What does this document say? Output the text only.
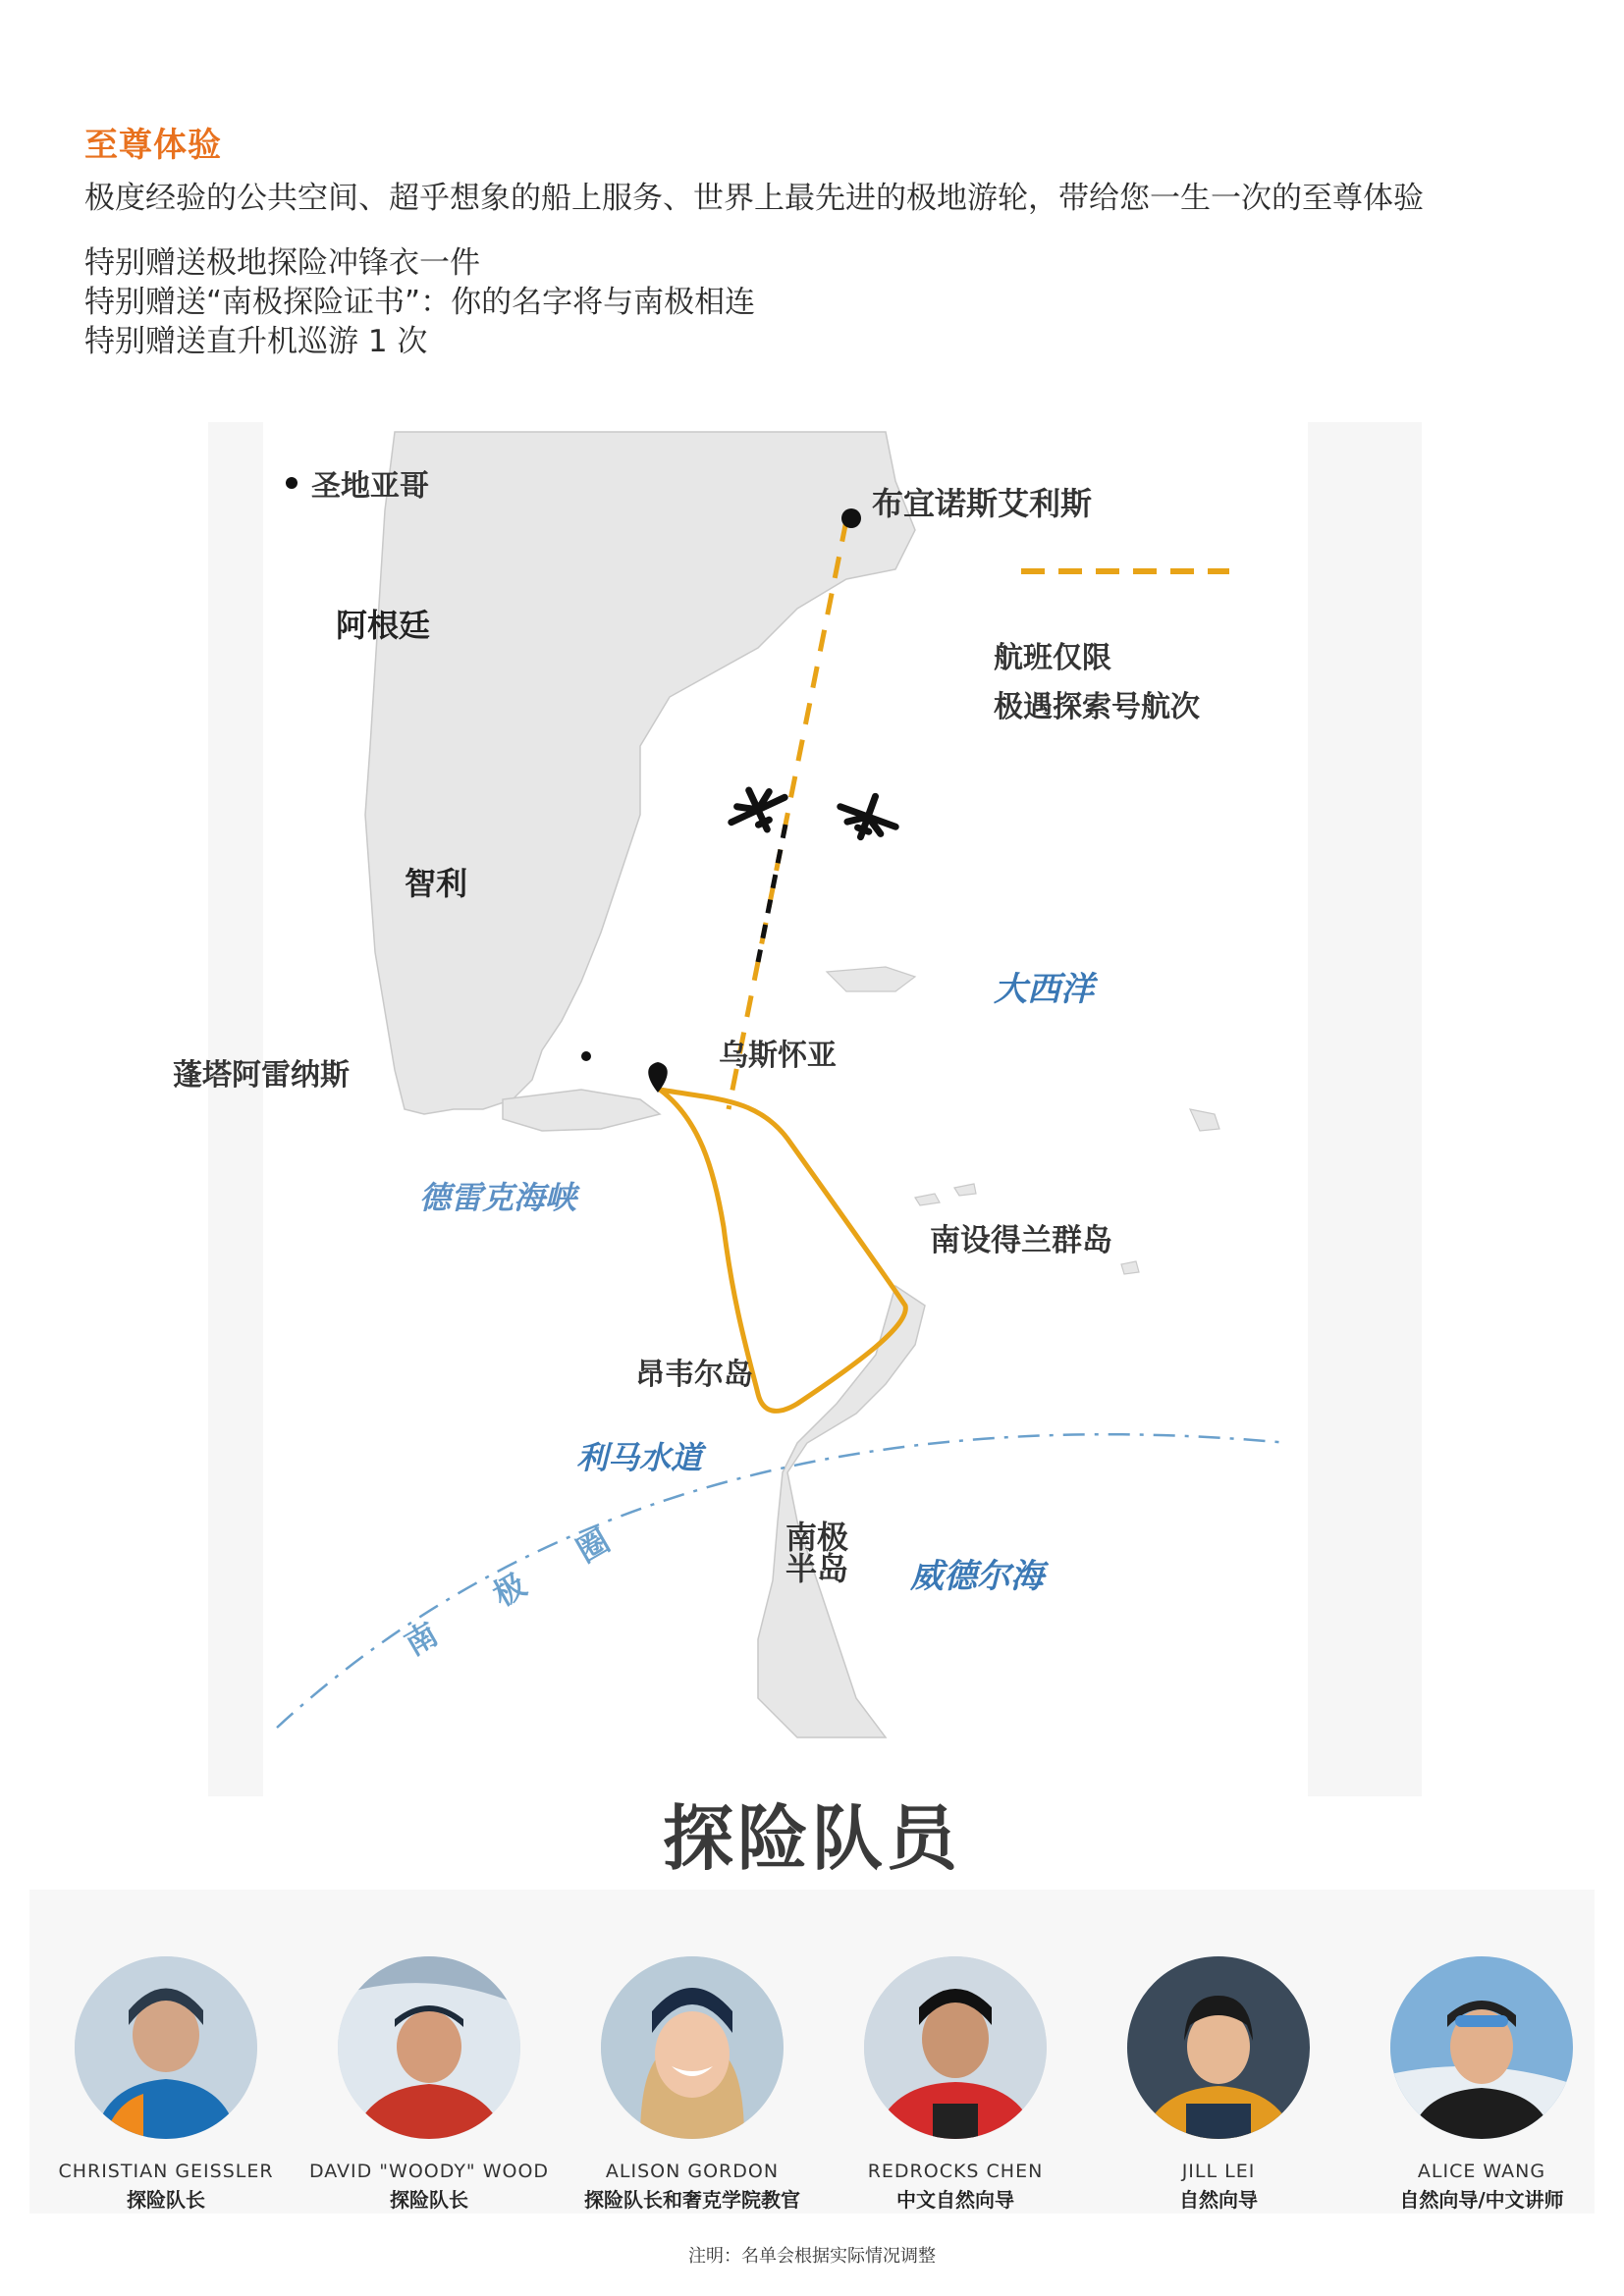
至尊体验
极度经验的公共空间、超乎想象的船上服务、世界上最先进的极地游轮，带给您一生一次的至尊体验
特别赠送极地探险冲锋衣一件
特别赠送“南极探险证书”：你的名字将与南极相连
特别赠送直升机巡游 1 次
圣地亚哥	布宜诺斯艾利斯
阿根廷
航班仅限
极遇探索号航次
智利
大西洋
蓬塔阿雷纳斯
乌斯怀亚
德雷克海峡
南设得兰群岛
昂韦尔岛
利马水道
南极
半岛 威德尔海
南
极
圈
探险队员
CHRISTIAN GEISSLER
探险队长
DAVID "WOODY" WOOD
探险队长
ALISON GORDON
探险队长和奢克学院教官
REDROCKS CHEN
中文自然向导
JILL LEI
自然向导
ALICE WANG
自然向导/中文讲师
注明：名单会根据实际情况调整
